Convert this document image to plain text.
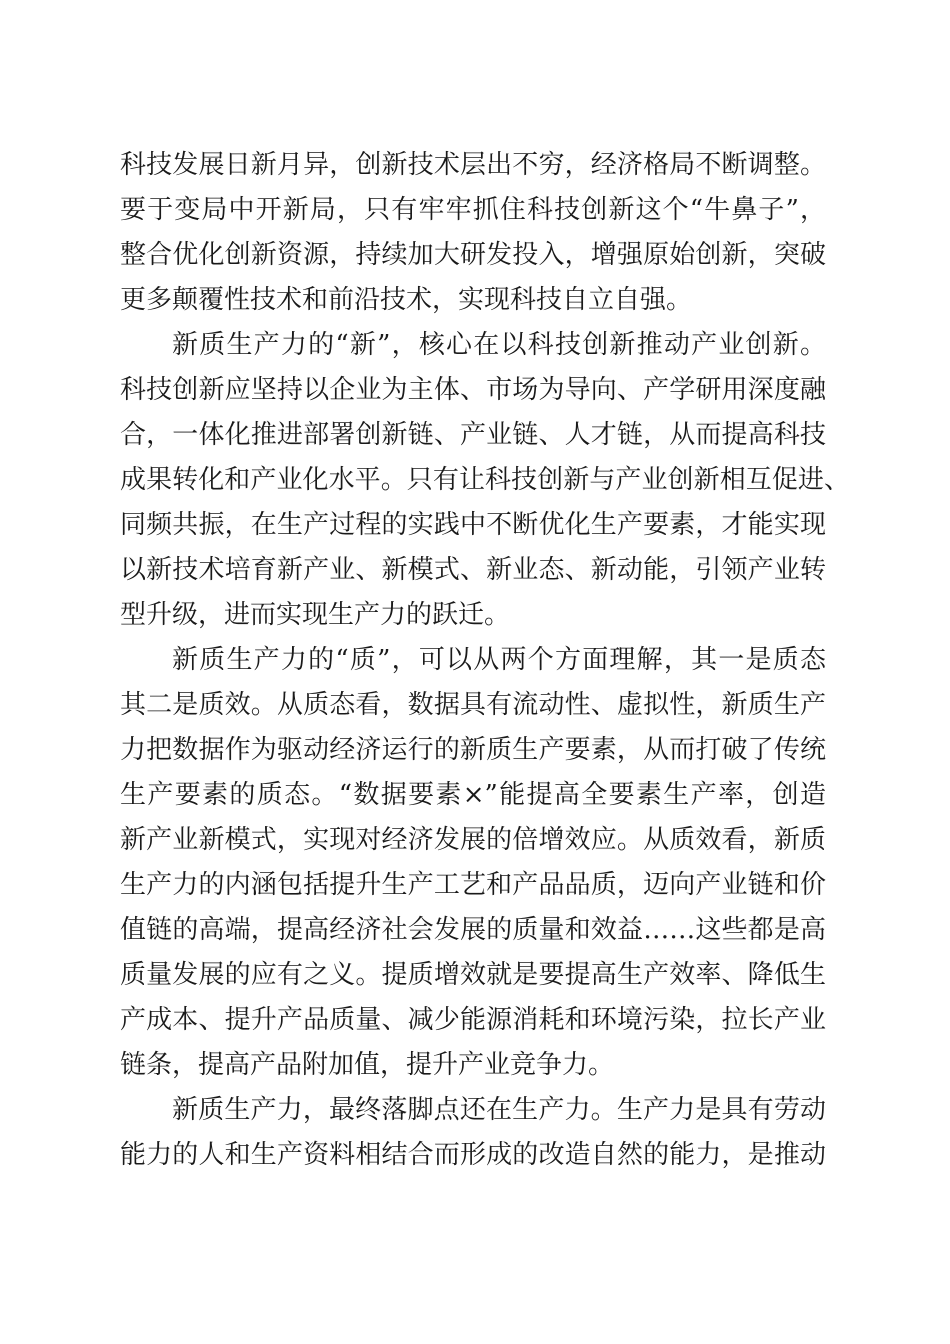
科技发展日新月异，创新技术层出不穷，经济格局不断调整。
要于变局中开新局，只有牢牢抓住科技创新这个“牛鼻子”，
整合优化创新资源，持续加大研发投入，增强原始创新，突破
更多颠覆性技术和前沿技术，实现科技自立自强。
新质生产力的“新”，核心在以科技创新推动产业创新。
科技创新应坚持以企业为主体、市场为导向、产学研用深度融
合，一体化推进部署创新链、产业链、人才链，从而提高科技
成果转化和产业化水平。只有让科技创新与产业创新相互促进、
同频共振，在生产过程的实践中不断优化生产要素，才能实现
以新技术培育新产业、新模式、新业态、新动能，引领产业转
型升级，进而实现生产力的跃迁。
新质生产力的“质”，可以从两个方面理解，其一是质态
其二是质效。从质态看，数据具有流动性、虚拟性，新质生产
力把数据作为驱动经济运行的新质生产要素，从而打破了传统
生产要素的质态。“数据要素×”能提高全要素生产率，创造
新产业新模式，实现对经济发展的倍增效应。从质效看，新质
生产力的内涵包括提升生产工艺和产品品质，迈向产业链和价
值链的高端，提高经济社会发展的质量和效益……这些都是高
质量发展的应有之义。提质增效就是要提高生产效率、降低生
产成本、提升产品质量、减少能源消耗和环境污染，拉长产业
链条，提高产品附加值，提升产业竞争力。
新质生产力，最终落脚点还在生产力。生产力是具有劳动
能力的人和生产资料相结合而形成的改造自然的能力，是推动
